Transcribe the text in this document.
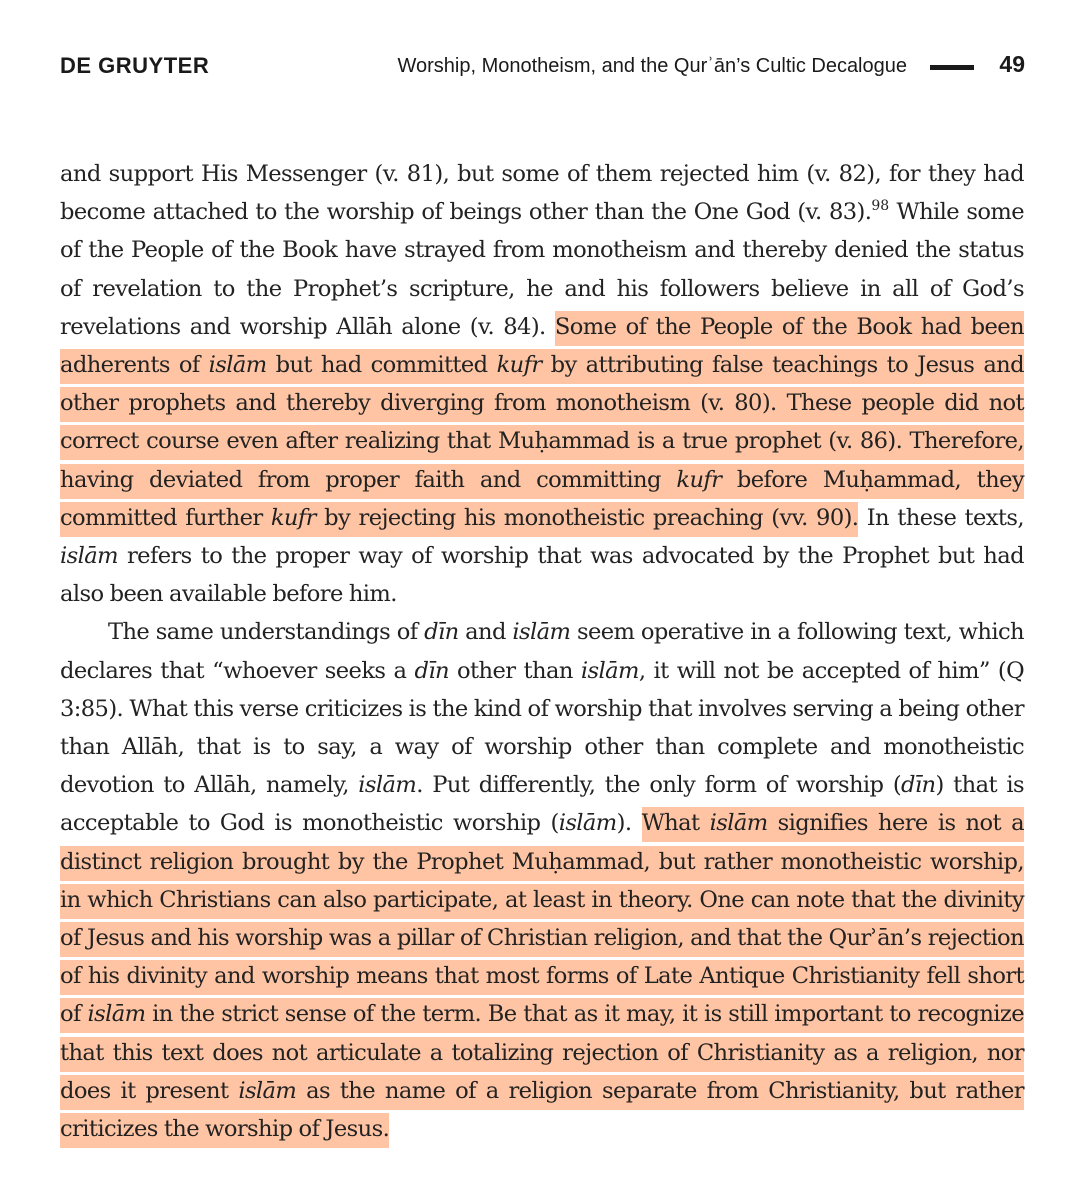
DE GRUYTER	Worship, Monotheism, and the Qurʾān’s Cultic Decalogue	49

and support His Messenger (v. 81), but some of them rejected him (v. 82), for they had become attached to the worship of beings other than the One God (v. 83).$^{98}$ While some of the People of the Book have strayed from monotheism and thereby denied the status of revelation to the Prophet’s scripture, he and his followers believe in all of God’s revelations and worship Allāh alone (v. 84). Some of the People of the Book had been adherents of islām but had committed kufr by attributing false teachings to Jesus and other prophets and thereby diverging from monotheism (v. 80). These people did not correct course even after realizing that Muḥammad is a true prophet (v. 86). Therefore, having deviated from proper faith and committing kufr before Muḥammad, they committed further kufr by rejecting his monotheistic preaching (vv. 90). In these texts, islām refers to the proper way of worship that was advocated by the Prophet but had also been available before him.

The same understandings of dīn and islām seem operative in a following text, which declares that “whoever seeks a dīn other than islām, it will not be accepted of him” (Q 3:85). What this verse criticizes is the kind of worship that involves serving a being other than Allāh, that is to say, a way of worship other than complete and monotheistic devotion to Allāh, namely, islām. Put differently, the only form of worship (dīn) that is acceptable to God is monotheistic worship (islām). What islām signifies here is not a distinct religion brought by the Prophet Muḥammad, but rather monotheistic worship, in which Christians can also participate, at least in theory. One can note that the divinity of Jesus and his worship was a pillar of Christian religion, and that the Qurʾān’s rejection of his divinity and worship means that most forms of Late Antique Christianity fell short of islām in the strict sense of the term. Be that as it may, it is still important to recognize that this text does not articulate a totalizing rejection of Christianity as a religion, nor does it present islām as the name of a religion separate from Christianity, but rather criticizes the worship of Jesus.
